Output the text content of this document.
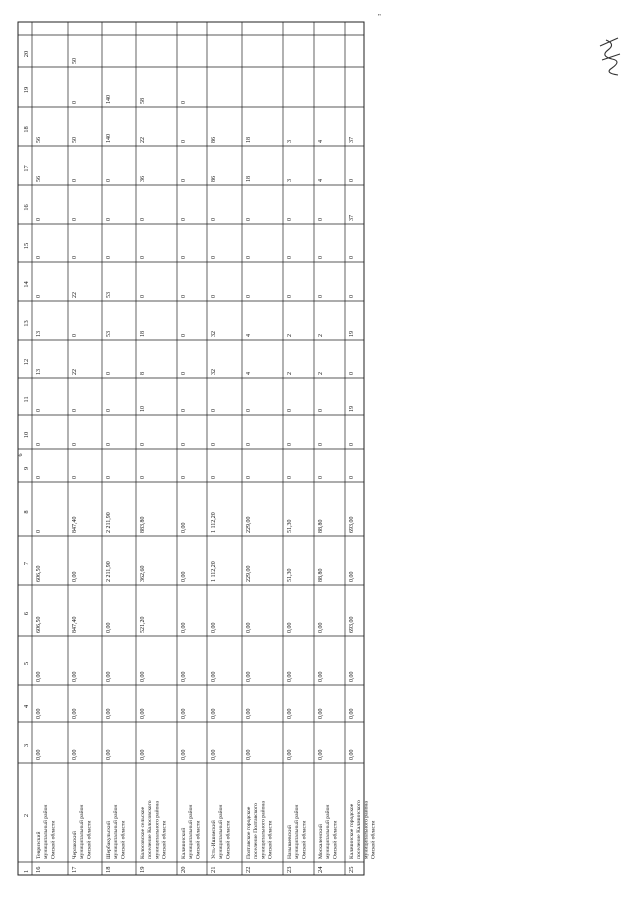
6
"
1
2
3
4
5
6
7
8
9
10
11
12
13
14
15
16
17
18
19
20
16
Тевризский муниципальный район Омской области
0,00
0,00
0,00
606,50
606,50
0
0
0
0
13
13
0
0
0
56
56
17
Черлакский муниципальный район Омской области
0,00
0,00
0,00
847,40
0,00
847,40
0
0
0
22
0
22
0
0
0
50
0
50
18
Шербакульский муниципальный район Омской области
0,00
0,00
0,00
0,00
2 211,90
2 211,90
0
0
0
0
53
53
0
0
0
140
140
19
Колосовское сельское поселение Колосовского муниципального района Омской области
0,00
0,00
0,00
521,20
362,60
883,80
0
0
10
8
18
0
0
0
36
22
58
20
Калачинский муниципальный район Омской области
0,00
0,00
0,00
0,00
0,00
0,00
0
0
0
0
0
0
0
0
0
0
0
21
Усть-Ишимский муниципальный район Омской области
0,00
0,00
0,00
0,00
1 112,20
1 112,20
0
0
0
32
32
0
0
0
86
86
22
Полтавское городское поселение Полтавского муниципального района Омской области
0,00
0,00
0,00
0,00
229,00
229,00
0
0
0
4
4
0
0
0
18
18
23
Называевский муниципальный район Омской области
0,00
0,00
0,00
0,00
51,30
51,30
0
0
0
2
2
0
0
0
3
3
24
Москаленский муниципальный район Омской области
0,00
0,00
0,00
0,00
88,80
88,80
0
0
0
2
2
0
0
0
4
4
25
Калачинское городское поселение Калачинского муниципального района Омской области
0,00
0,00
0,00
693,00
0,00
693,00
0
0
19
0
19
0
0
37
0
37
